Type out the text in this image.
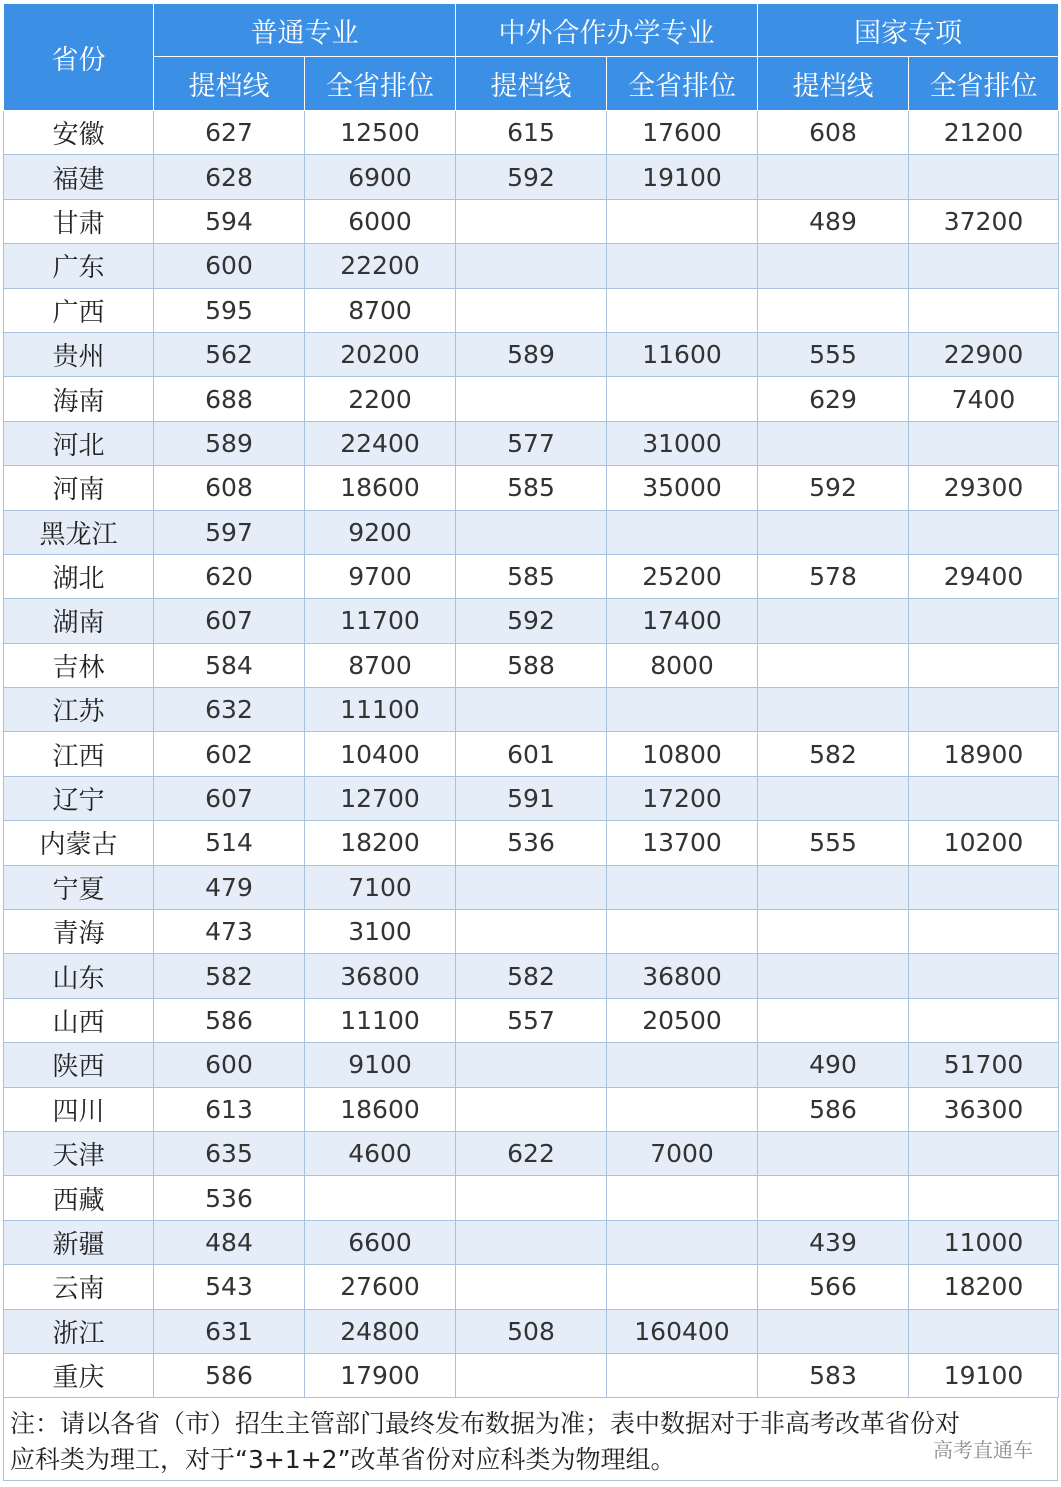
省份	普通专业		中外合作办学专业		国家专项	
	提档线	全省排位	提档线	全省排位	提档线	全省排位
安徽	627	12500	615	17600	608	21200
福建	628	6900	592	19100		
甘肃	594	6000			489	37200
广东	600	22200				
广西	595	8700				
贵州	562	20200	589	11600	555	22900
海南	688	2200			629	7400
河北	589	22400	577	31000		
河南	608	18600	585	35000	592	29300
黑龙江	597	9200				
湖北	620	9700	585	25200	578	29400
湖南	607	11700	592	17400		
吉林	584	8700	588	8000		
江苏	632	11100				
江西	602	10400	601	10800	582	18900
辽宁	607	12700	591	17200		
内蒙古	514	18200	536	13700	555	10200
宁夏	479	7100				
青海	473	3100				
山东	582	36800	582	36800		
山西	586	11100	557	20500		
陕西	600	9100			490	51700
四川	613	18600			586	36300
天津	635	4600	622	7000		
西藏	536					
新疆	484	6600			439	11000
云南	543	27600			566	18200
浙江	631	24800	508	160400		
重庆	586	17900			583	19100
注：请以各省（市）招生主管部门最终发布数据为准；表中数据对于非高考改革省份对
应科类为理工，对于“3+1+2”改革省份对应科类为物理组。	高考直通车
